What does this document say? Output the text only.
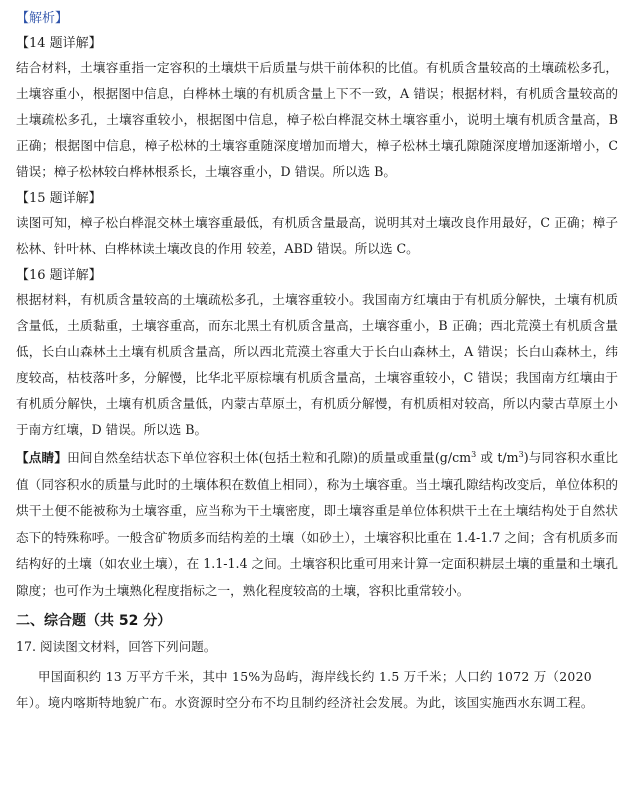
【解析】

【14 题详解】

结合材料，土壤容重指一定容积的土壤烘干后质量与烘干前体积的比值。有机质含量较高的土壤疏松多孔，土壤容重小，根据图中信息，白桦林土壤的有机质含量上下不一致，A 错误；根据材料，有机质含量较高的土壤疏松多孔，土壤容重较小，根据图中信息，樟子松白桦混交林土壤容重小，说明土壤有机质含量高，B 正确；根据图中信息，樟子松林的土壤容重随深度增加而增大，樟子松林土壤孔隙随深度增加逐渐增小，C 错误；樟子松林较白桦林根系长，土壤容重小，D 错误。所以选 B。

【15 题详解】

读图可知，樟子松白桦混交林土壤容重最低，有机质含量最高，说明其对土壤改良作用最好，C 正确；樟子松林、针叶林、白桦林读土壤改良的作用 较差，ABD 错误。所以选 C。

【16 题详解】

根据材料，有机质含量较高的土壤疏松多孔，土壤容重较小。我国南方红壤由于有机质分解快，土壤有机质含量低，土质黏重，土壤容重高，而东北黑土有机质含量高，土壤容重小，B 正确；西北荒漠土有机质含量低，长白山森林土土壤有机质含量高，所以西北荒漠土容重大于长白山森林土，A 错误；长白山森林土，纬度较高，枯枝落叶多，分解慢，比华北平原棕壤有机质含量高，土壤容重较小，C 错误；我国南方红壤由于有机质分解快，土壤有机质含量低，内蒙古草原土，有机质分解慢，有机质相对较高，所以内蒙古草原土小于南方红壤，D 错误。所以选 B。

【点睛】田间自然垒结状态下单位容积土体(包括土粒和孔隙)的质量或重量($g/cm^3$ 或 $t/m^3$)与同容积水重比值（同容积水的质量与此时的土壤体积在数值上相同），称为土壤容重。当土壤孔隙结构改变后，单位体积的烘干土便不能被称为土壤容重，应当称为干土壤密度，即土壤容重是单位体积烘干土在土壤结构处于自然状态下的特殊称呼。一般含矿物质多而结构差的土壤（如砂土），土壤容积比重在 1.4-1.7 之间；含有机质多而结构好的土壤（如农业土壤），在 1.1-1.4 之间。土壤容积比重可用来计算一定面积耕层土壤的重量和土壤孔隙度；也可作为土壤熟化程度指标之一，熟化程度较高的土壤，容积比重常较小。

二、综合题（共 52 分）

17. 阅读图文材料，回答下列问题。

甲国面积约 13 万平方千米，其中 15%为岛屿，海岸线长约 1.5 万千米；人口约 1072 万（2020 年）。境内喀斯特地貌广布。水资源时空分布不均且制约经济社会发展。为此，该国实施西水东调工程。
